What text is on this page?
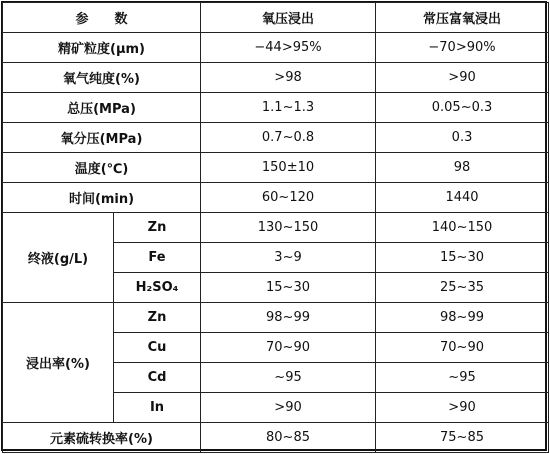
参　　数		氧压浸出	常压富氧浸出
精矿粒度(μm)		−44>95%	−70>90%
氧气纯度(%)		>98	>90
总压(MPa)		1.1~1.3	0.05~0.3
氧分压(MPa)		0.7~0.8	0.3
温度(℃)		150±10	98
时间(min)		60~120	1440
终液(g/L)	Zn	130~150	140~150
	Fe	3~9	15~30
	H₂SO₄	15~30	25~35
浸出率(%)	Zn	98~99	98~99
	Cu	70~90	70~90
	Cd	~95	~95
	In	>90	>90
元素硫转换率(%)		80~85	75~85
